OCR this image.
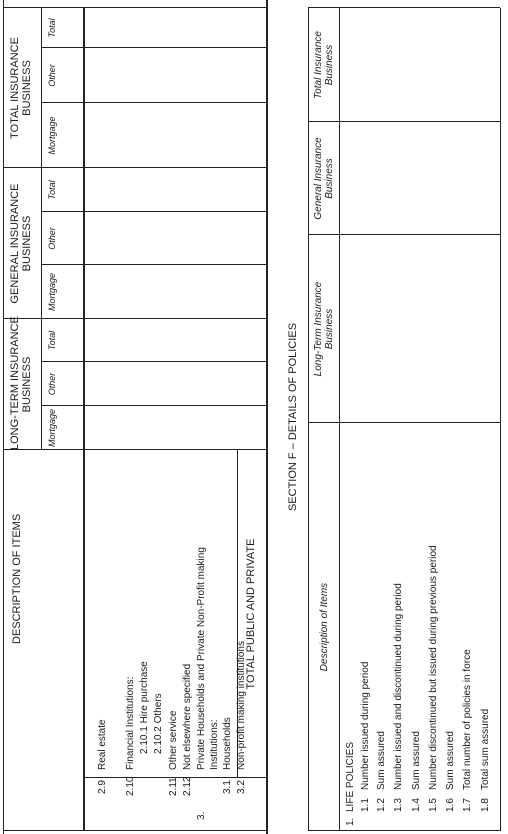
DESCRIPTION OF ITEMS
LONG-TERM INSURANCE BUSINESS
GENERAL INSURANCE BUSINESS
TOTAL INSURANCE BUSINESS
Mortgage
Other
Total
Mortgage
Other
Total
Mortgage
Other
Total
2.9
Real estate
2.10
Financial Institutions: 2.10.1 Hire purchase 2.10.2 Others
2.11
Other service
2.12
Not elsewhere specified
3.
Private Households and Private Non-Profit making Institutions:
3.1
Households
3.2
Non-profit making institutions
TOTAL PUBLIC AND PRIVATE
SECTION F – DETAILS OF POLICIES
Description of Items
Long-Term Insurance Business
General Insurance Business
Total Insurance Business
1.
LIFE POLICIES 1.1
Number issued during period
1.2
Sum assured
1.3
Number issued and discontinued during period
1.4
Sum assured
1.5
Number discontinued but issued during previous period
1.6
Sum assured
1.7
Total number of policies in force
1.8
Total sum assured
